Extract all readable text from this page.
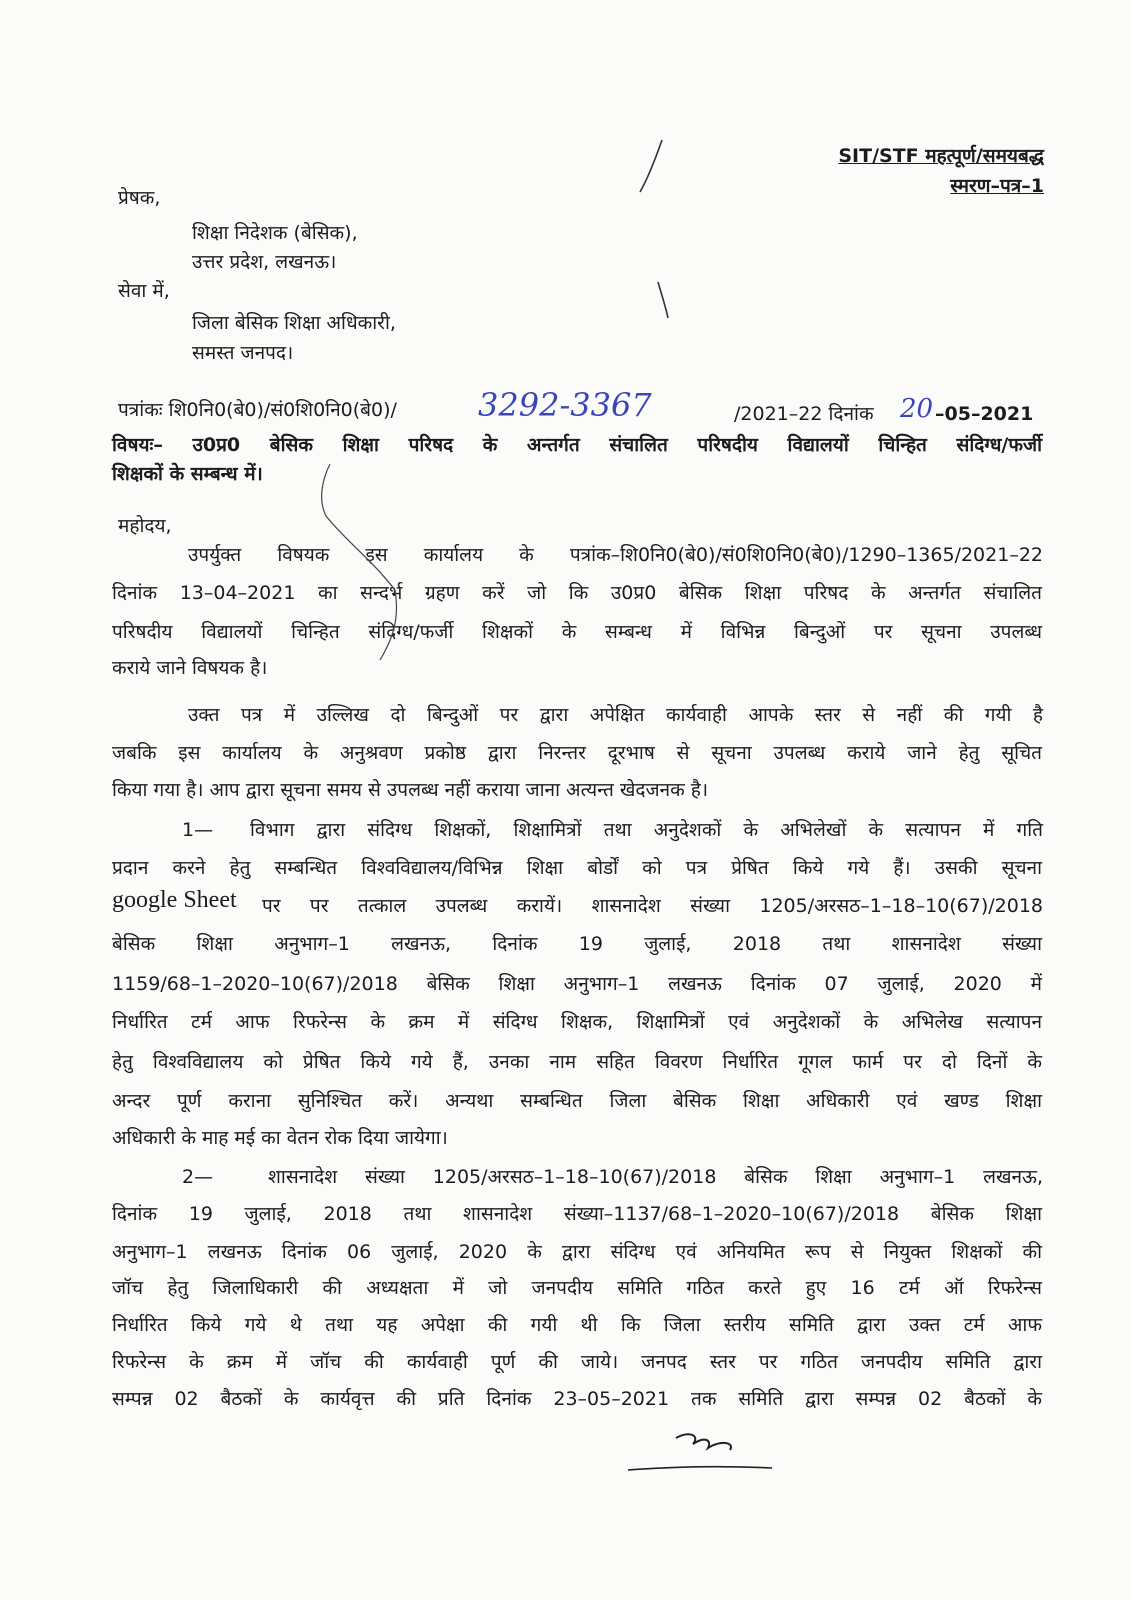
SIT/STF महत्पूर्ण/समयबद्ध
स्मरण–पत्र–1
प्रेषक,
शिक्षा निदेशक (बेसिक),
उत्तर प्रदेश, लखनऊ।
सेवा में,
जिला बेसिक शिक्षा अधिकारी,
समस्त जनपद।
पत्रांकः शि0नि0(बे0)/सं0शि0नि0(बे0)/	3292-3367	/2021–22 दिनांक 20 –05–2021
विषयः– उ0प्र0 बेसिक शिक्षा परिषद के अन्तर्गत संचालित परिषदीय विद्यालयों चिन्हित संदिग्ध/फर्जी
शिक्षकों के सम्बन्ध में।
महोदय,
उपर्युक्त विषयक इस कार्यालय के पत्रांक–शि0नि0(बे0)/सं0शि0नि0(बे0)/1290–1365/2021–22
दिनांक 13–04–2021 का सन्दर्भ ग्रहण करें जो कि उ0प्र0 बेसिक शिक्षा परिषद के अन्तर्गत संचालित
परिषदीय विद्यालयों चिन्हित संदिग्ध/फर्जी शिक्षकों के सम्बन्ध में विभिन्न बिन्दुओं पर सूचना उपलब्ध
कराये जाने विषयक है।
उक्त पत्र में उल्लिख दो बिन्दुओं पर द्वारा अपेक्षित कार्यवाही आपके स्तर से नहीं की गयी है
जबकि इस कार्यालय के अनुश्रवण प्रकोष्ठ द्वारा निरन्तर दूरभाष से सूचना उपलब्ध कराये जाने हेतु सूचित
किया गया है। आप द्वारा सूचना समय से उपलब्ध नहीं कराया जाना अत्यन्त खेदजनक है।
1— विभाग द्वारा संदिग्ध शिक्षकों, शिक्षामित्रों तथा अनुदेशकों के अभिलेखों के सत्यापन में गति
प्रदान करने हेतु सम्बन्धित विश्वविद्यालय/विभिन्न शिक्षा बोर्डों को पत्र प्रेषित किये गये हैं। उसकी सूचना
google Sheet पर पर तत्काल उपलब्ध करायें। शासनादेश संख्या 1205/अरसठ–1–18–10(67)/2018
बेसिक शिक्षा अनुभाग–1 लखनऊ, दिनांक 19 जुलाई, 2018 तथा शासनादेश संख्या
1159/68–1–2020–10(67)/2018 बेसिक शिक्षा अनुभाग–1 लखनऊ दिनांक 07 जुलाई, 2020 में
निर्धारित टर्म आफ रिफरेन्स के क्रम में संदिग्ध शिक्षक, शिक्षामित्रों एवं अनुदेशकों के अभिलेख सत्यापन
हेतु विश्वविद्यालय को प्रेषित किये गये हैं, उनका नाम सहित विवरण निर्धारित गूगल फार्म पर दो दिनों के
अन्दर पूर्ण कराना सुनिश्चित करें। अन्यथा सम्बन्धित जिला बेसिक शिक्षा अधिकारी एवं खण्ड शिक्षा
अधिकारी के माह मई का वेतन रोक दिया जायेगा।
2—	शासनादेश संख्या 1205/अरसठ–1–18–10(67)/2018 बेसिक शिक्षा अनुभाग–1 लखनऊ,
दिनांक 19 जुलाई, 2018 तथा शासनादेश संख्या–1137/68–1–2020–10(67)/2018 बेसिक शिक्षा
अनुभाग–1 लखनऊ दिनांक 06 जुलाई, 2020 के द्वारा संदिग्ध एवं अनियमित रूप से नियुक्त शिक्षकों की
जॉच हेतु जिलाधिकारी की अध्यक्षता में जो जनपदीय समिति गठित करते हुए 16 टर्म ऑ रिफरेन्स
निर्धारित किये गये थे तथा यह अपेक्षा की गयी थी कि जिला स्तरीय समिति द्वारा उक्त टर्म आफ
रिफरेन्स के क्रम में जॉच की कार्यवाही पूर्ण की जाये। जनपद स्तर पर गठित जनपदीय समिति द्वारा
सम्पन्न 02 बैठकों के कार्यवृत्त की प्रति दिनांक 23–05–2021 तक समिति द्वारा सम्पन्न 02 बैठकों के
